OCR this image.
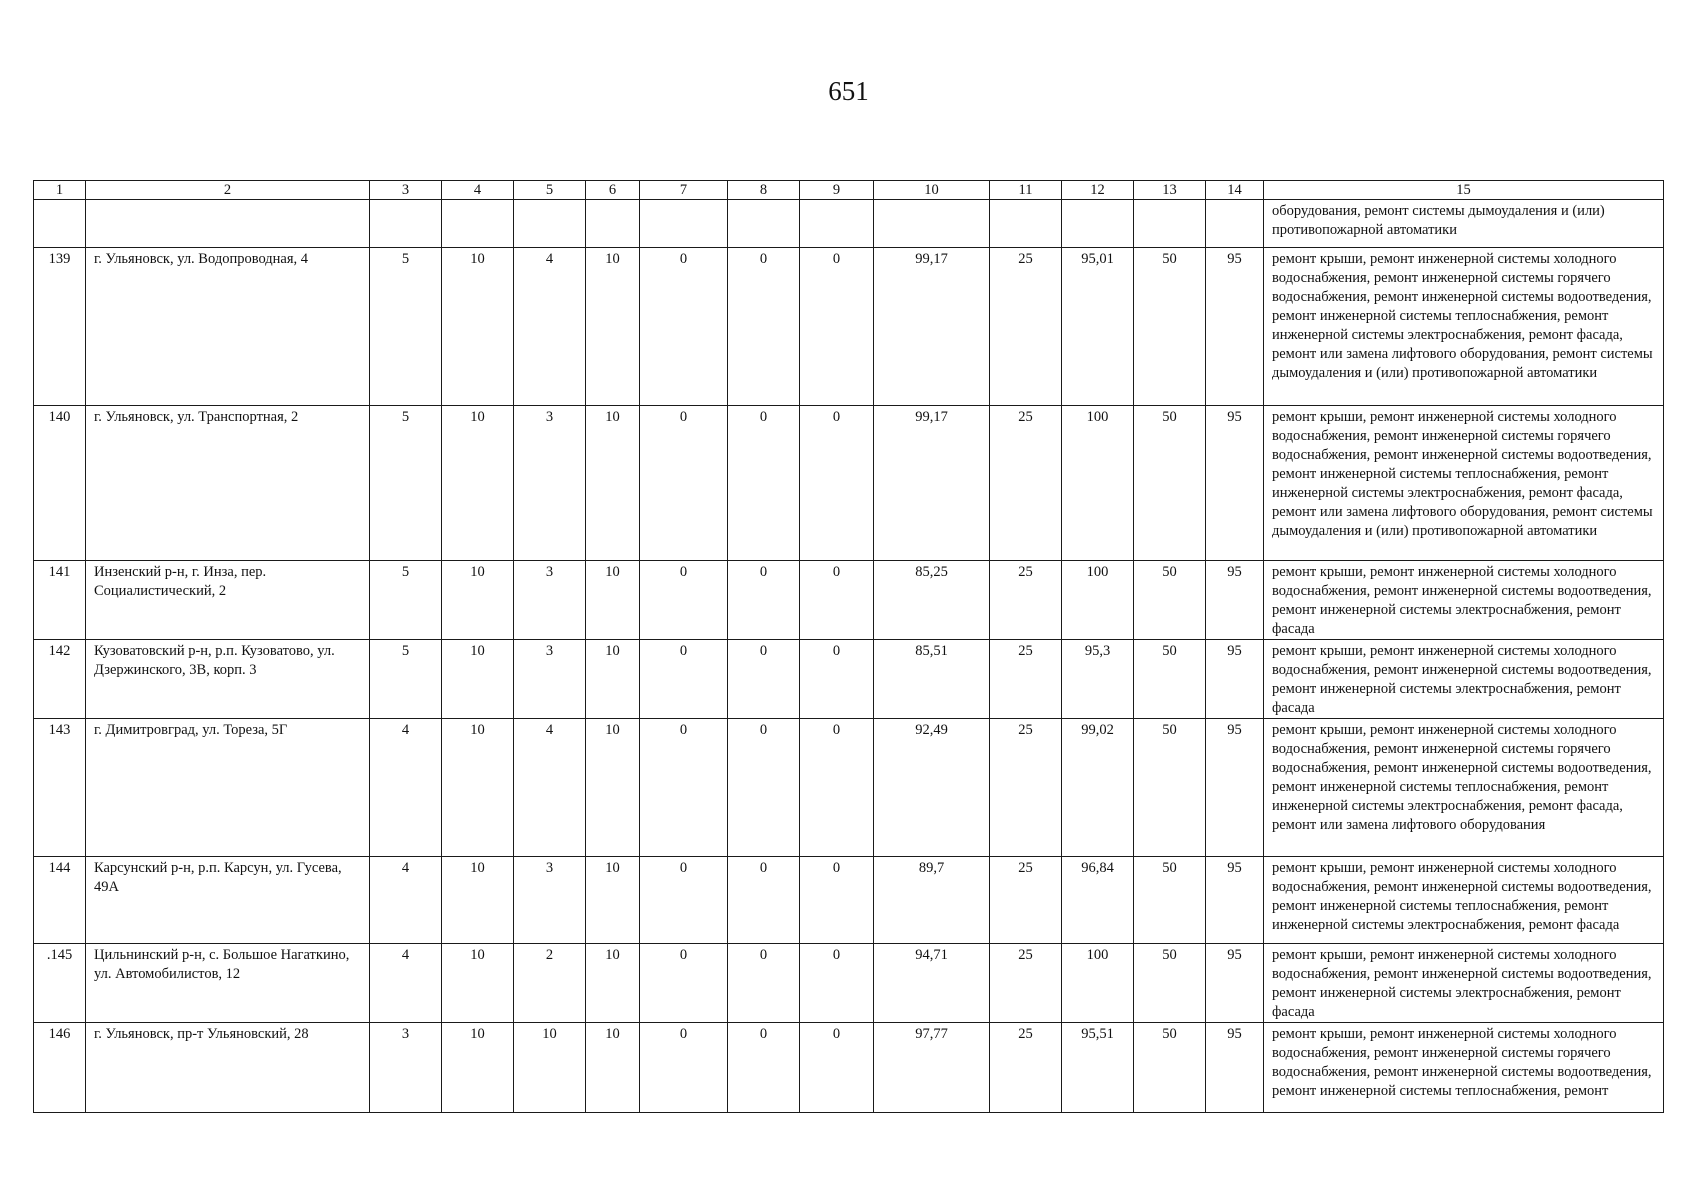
651
1	2	3	4	5	6	7	8	9	10	11	12	13	14	15
														оборудования, ремонт системы дымоудаления и (или) противопожарной автоматики
139	г. Ульяновск, ул. Водопроводная, 4	5	10	4	10	0	0	0	99,17	25	95,01	50	95	ремонт крыши, ремонт инженерной системы холодного водоснабжения, ремонт инженерной системы горячего водоснабжения, ремонт инженерной системы водоотведения, ремонт инженерной системы теплоснабжения, ремонт инженерной системы электроснабжения, ремонт фасада, ремонт или замена лифтового оборудования, ремонт системы дымоудаления и (или) противопожарной автоматики
140	г. Ульяновск, ул. Транспортная, 2	5	10	3	10	0	0	0	99,17	25	100	50	95	ремонт крыши, ремонт инженерной системы холодного водоснабжения, ремонт инженерной системы горячего водоснабжения, ремонт инженерной системы водоотведения, ремонт инженерной системы теплоснабжения, ремонт инженерной системы электроснабжения, ремонт фасада, ремонт или замена лифтового оборудования, ремонт системы дымоудаления и (или) противопожарной автоматики
141	Инзенский р-н, г. Инза, пер. Социалистический, 2	5	10	3	10	0	0	0	85,25	25	100	50	95	ремонт крыши, ремонт инженерной системы холодного водоснабжения, ремонт инженерной системы водоотведения, ремонт инженерной системы электроснабжения, ремонт фасада
142	Кузоватовский р-н, р.п. Кузоватово, ул. Дзержинского, 3В, корп. 3	5	10	3	10	0	0	0	85,51	25	95,3	50	95	ремонт крыши, ремонт инженерной системы холодного водоснабжения, ремонт инженерной системы водоотведения, ремонт инженерной системы электроснабжения, ремонт фасада
143	г. Димитровград, ул. Тореза, 5Г	4	10	4	10	0	0	0	92,49	25	99,02	50	95	ремонт крыши, ремонт инженерной системы холодного водоснабжения, ремонт инженерной системы горячего водоснабжения, ремонт инженерной системы водоотведения, ремонт инженерной системы теплоснабжения, ремонт инженерной системы электроснабжения, ремонт фасада, ремонт или замена лифтового оборудования
144	Карсунский р-н, р.п. Карсун, ул. Гусева, 49А	4	10	3	10	0	0	0	89,7	25	96,84	50	95	ремонт крыши, ремонт инженерной системы холодного водоснабжения, ремонт инженерной системы водоотведения, ремонт инженерной системы теплоснабжения, ремонт инженерной системы электроснабжения, ремонт фасада
.145	Цильнинский р-н, с. Большое Нагаткино, ул. Автомобилистов, 12	4	10	2	10	0	0	0	94,71	25	100	50	95	ремонт крыши, ремонт инженерной системы холодного водоснабжения, ремонт инженерной системы водоотведения, ремонт инженерной системы электроснабжения, ремонт фасада
146	г. Ульяновск, пр-т Ульяновский, 28	3	10	10	10	0	0	0	97,77	25	95,51	50	95	ремонт крыши, ремонт инженерной системы холодного водоснабжения, ремонт инженерной системы горячего водоснабжения, ремонт инженерной системы водоотведения, ремонт инженерной системы теплоснабжения, ремонт
